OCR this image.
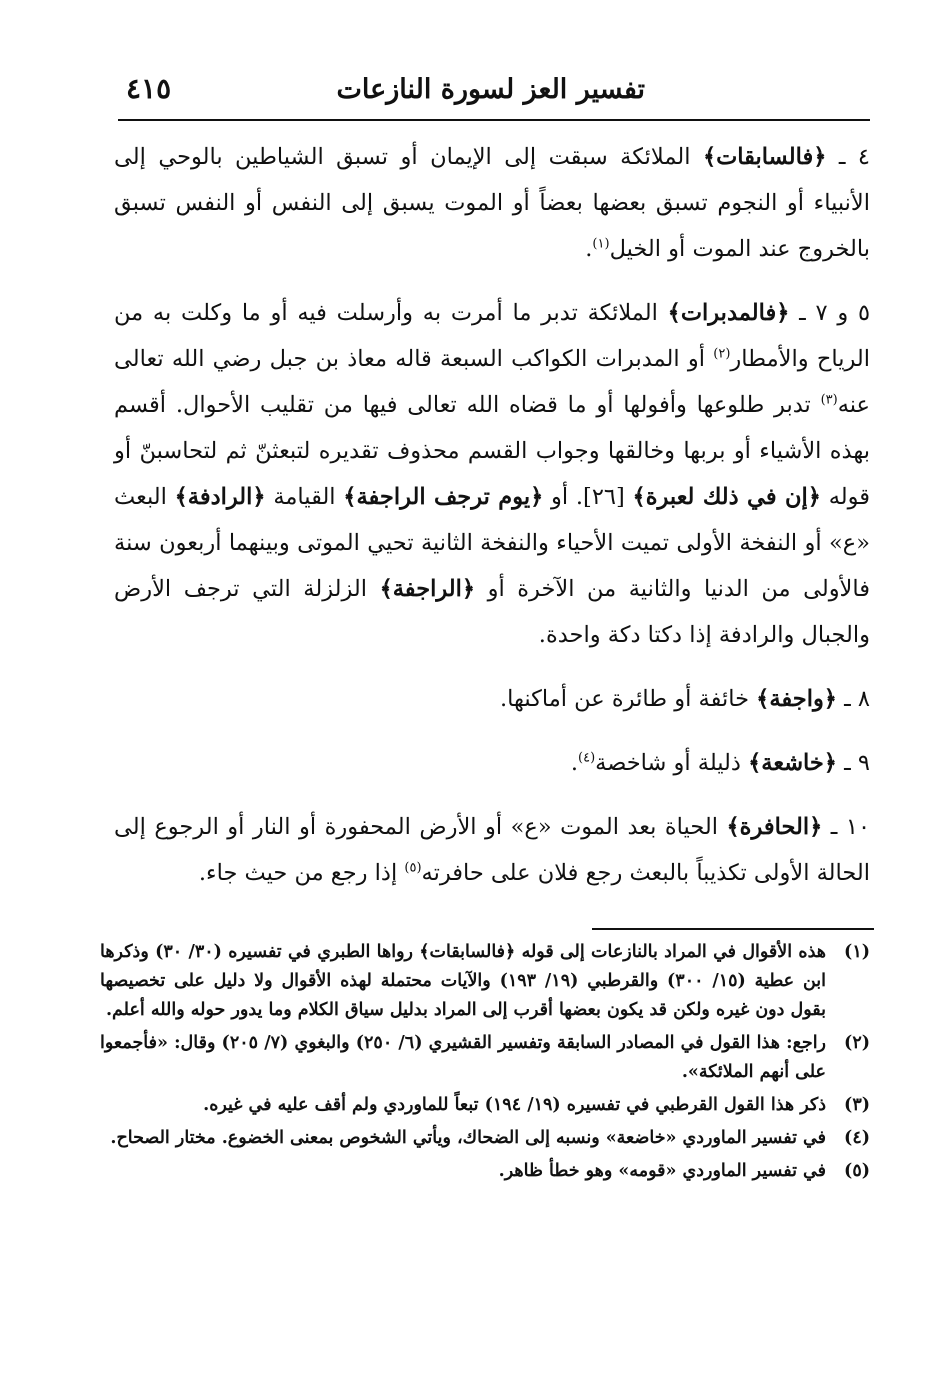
تفسير العز لسورة النازعات
٤١٥

٤ ـ ﴿فالسابقات﴾ الملائكة سبقت إلى الإيمان أو تسبق الشياطين بالوحي إلى الأنبياء أو النجوم تسبق بعضها بعضاً أو الموت يسبق إلى النفس أو النفس تسبق بالخروج عند الموت أو الخيل$^{(١)}$.

٥ و ٧ ـ ﴿فالمدبرات﴾ الملائكة تدبر ما أمرت به وأرسلت فيه أو ما وكلت به من الرياح والأمطار$^{(٢)}$ أو المدبرات الكواكب السبعة قاله معاذ بن جبل رضي الله تعالى عنه$^{(٣)}$ تدبر طلوعها وأفولها أو ما قضاه الله تعالى فيها من تقليب الأحوال. أقسم بهذه الأشياء أو بربها وخالقها وجواب القسم محذوف تقديره لتبعثنّ ثم لتحاسبنّ أو قوله ﴿إن في ذلك لعبرة﴾ [٢٦]. أو ﴿يوم ترجف الراجفة﴾ القيامة ﴿الرادفة﴾ البعث «ع» أو النفخة الأولى تميت الأحياء والنفخة الثانية تحيي الموتى وبينهما أربعون سنة فالأولى من الدنيا والثانية من الآخرة أو ﴿الراجفة﴾ الزلزلة التي ترجف الأرض والجبال والرادفة إذا دكتا دكة واحدة.

٨ ـ ﴿واجفة﴾ خائفة أو طائرة عن أماكنها.

٩ ـ ﴿خاشعة﴾ ذليلة أو شاخصة$^{(٤)}$.

١٠ ـ ﴿الحافرة﴾ الحياة بعد الموت «ع» أو الأرض المحفورة أو النار أو الرجوع إلى الحالة الأولى تكذيباً بالبعث رجع فلان على حافرته$^{(٥)}$ إذا رجع من حيث جاء.

(١)
هذه الأقوال في المراد بالنازعات إلى قوله ﴿فالسابقات﴾ رواها الطبري في تفسيره (٣٠/ ٣٠) وذكرها ابن عطية (١٥/ ٣٠٠) والقرطبي (١٩/ ١٩٣) والآيات محتملة لهذه الأقوال ولا دليل على تخصيصها بقول دون غيره ولكن قد يكون بعضها أقرب إلى المراد بدليل سياق الكلام وما يدور حوله والله أعلم.
(٢)
راجع: هذا القول في المصادر السابقة وتفسير القشيري (٦/ ٢٥٠) والبغوي (٧/ ٢٠٥) وقال: «فأجمعوا على أنهم الملائكة».
(٣)
ذكر هذا القول القرطبي في تفسيره (١٩/ ١٩٤) تبعاً للماوردي ولم أقف عليه في غيره.
(٤)
في تفسير الماوردي «خاضعة» ونسبه إلى الضحاك، ويأتي الشخوص بمعنى الخضوع. مختار الصحاح.
(٥)
في تفسير الماوردي «قومه» وهو خطأ ظاهر.
